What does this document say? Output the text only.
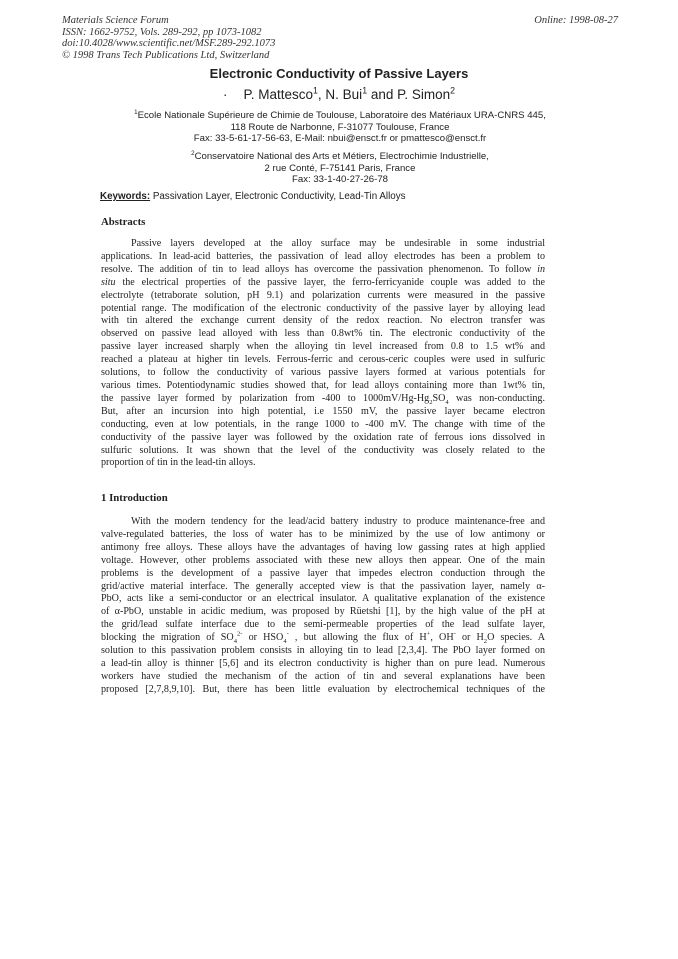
Materials Science Forum
ISSN: 1662-9752, Vols. 289-292, pp 1073-1082
doi:10.4028/www.scientific.net/MSF.289-292.1073
© 1998 Trans Tech Publications Ltd, Switzerland
Online: 1998-08-27
Electronic Conductivity of Passive Layers
· P. Mattesco$^1$, N. Bui$^1$ and P. Simon$^2$
$^1$Ecole Nationale Supérieure de Chimie de Toulouse, Laboratoire des Matériaux URA-CNRS 445,
118 Route de Narbonne, F-31077 Toulouse, France
Fax: 33-5-61-17-56-63, E-Mail: nbui@ensct.fr or pmattesco@ensct.fr
$^2$Conservatoire National des Arts et Métiers, Electrochimie Industrielle,
2 rue Conté, F-75141 Paris, France
Fax: 33-1-40-27-26-78
Keywords: Passivation Layer, Electronic Conductivity, Lead-Tin Alloys
Abstracts
Passive layers developed at the alloy surface may be undesirable in some industrial
applications. In lead-acid batteries, the passivation of lead alloy electrodes has been a problem to
resolve. The addition of tin to lead alloys has overcome the passivation phenomenon. To follow in
situ the electrical properties of the passive layer, the ferro-ferricyanide couple was added to the
electrolyte (tetraborate solution, pH 9.1) and polarization currents were measured in the passive
potential range. The modification of the electronic conductivity of the passive layer by alloying lead
with tin altered the exchange current density of the redox reaction. No electron transfer was
observed on passive lead alloyed with less than 0.8wt% tin. The electronic conductivity of the
passive layer increased sharply when the alloying tin level increased from 0.8 to 1.5 wt% and
reached a plateau at higher tin levels. Ferrous-ferric and cerous-ceric couples were used in sulfuric
solutions, to follow the conductivity of various passive layers formed at various potentials for
various times. Potentiodynamic studies showed that, for lead alloys containing more than 1wt% tin,
the passive layer formed by polarization from -400 to $1000mV/Hg-Hg_2SO_4$ was non-conducting.
But, after an incursion into high potential, i.e 1550 mV, the passive layer became electron
conducting, even at low potentials, in the range 1000 to -400 mV. The change with time of the
conductivity of the passive layer was followed by the oxidation rate of ferrous ions dissolved in
sulfuric solutions. It was shown that the level of the conductivity was closely related to the
proportion of tin in the lead-tin alloys.
1 Introduction
With the modern tendency for the lead/acid battery industry to produce maintenance-free and
valve-regulated batteries, the loss of water has to be minimized by the use of low antimony or
antimony free alloys. These alloys have the advantages of having low gassing rates at high applied
voltage. However, other problems associated with these new alloys then appear. One of the main
problems is the development of a passive layer that impedes electron conduction through the
grid/active material interface. The generally accepted view is that the passivation layer, namely α-
PbO, acts like a semi-conductor or an electrical insulator. A qualitative explanation of the existence
of α-PbO, unstable in acidic medium, was proposed by Rüetshi [1], by the high value of the pH at
the grid/lead sulfate interface due to the semi-permeable properties of the lead sulfate layer,
blocking the migration of $SO_4^{2-}$ or $HSO_4^-$ , but allowing the flux of H+, OH- or $H_2O$ species. A
solution to this passivation problem consists in alloying tin to lead [2,3,4]. The PbO layer formed on
a lead-tin alloy is thinner [5,6] and its electron conductivity is higher than on pure lead. Numerous
workers have studied the mechanism of the action of tin and several explanations have been
proposed [2,7,8,9,10]. But, there has been little evaluation by electrochemical techniques of the
